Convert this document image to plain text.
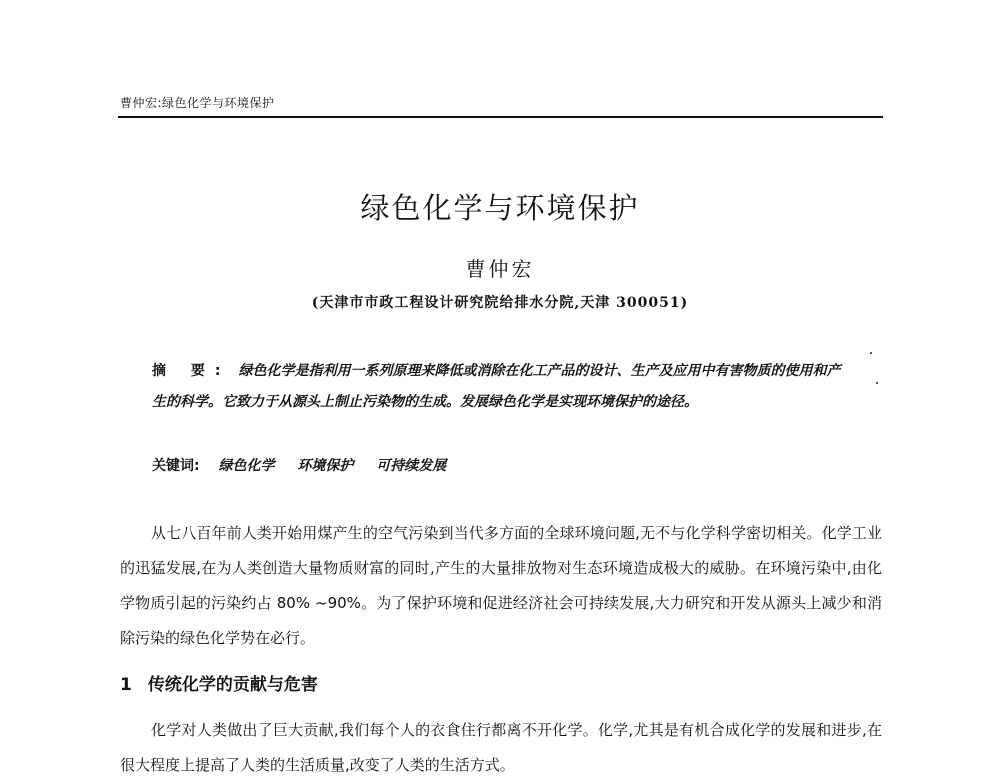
曹仲宏:绿色化学与环境保护
绿色化学与环境保护
曹仲宏
(天津市市政工程设计研究院给排水分院,天津 300051)
摘 要: 绿色化学是指利用一系列原理来降低或消除在化工产品的设计、生产及应用中有害物质的使用和产生的科学。它致力于从源头上制止污染物的生成。发展绿色化学是实现环境保护的途径。
关键词: 绿色化学 环境保护 可持续发展
从七八百年前人类开始用煤产生的空气污染到当代多方面的全球环境问题,无不与化学科学密切相关。化学工业的迅猛发展,在为人类创造大量物质财富的同时,产生的大量排放物对生态环境造成极大的威胁。在环境污染中,由化学物质引起的污染约占 80% ~90%。为了保护环境和促进经济社会可持续发展,大力研究和开发从源头上减少和消除污染的绿色化学势在必行。
1 传统化学的贡献与危害
化学对人类做出了巨大贡献,我们每个人的衣食住行都离不开化学。化学,尤其是有机合成化学的发展和进步,在很大程度上提高了人类的生活质量,改变了人类的生活方式。
